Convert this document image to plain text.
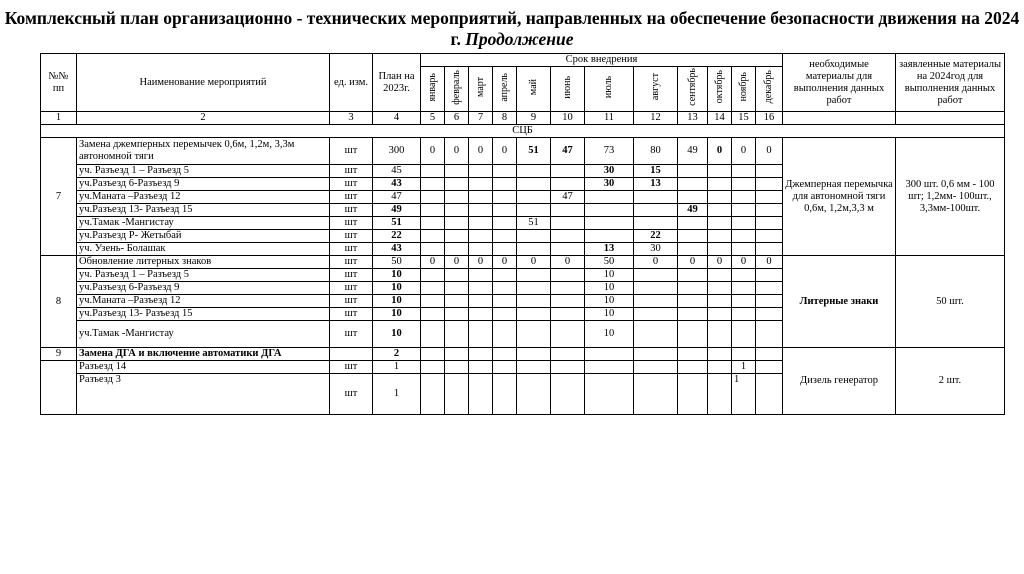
Комплексный план организационно - технических мероприятий, направленных на обеспечение безопасности движения на 2024 г. Продолжение
№№ пп	Наименование мероприятий	ед. изм.	План на 2023г.	Срок внедрения												необходимые материалы для выполнения данных работ	заявленные материалы на 2024год для выполнения данных работ
				январь	февраль	март	апрель	май	июнь	июль	август	сентябрь	октябрь	ноябрь	декабрь		
1	2	3	4	5	6	7	8	9	10	11	12	13	14	15	16		
СЦБ																	
7	Замена джемперных перемычек 0,6м, 1,2м, 3,3м автономной тяги	шт	300	0	0	0	0	51	47	73	80	49	0	0	0	Джемперная перемычка для автономной тяги 0,6м, 1,2м,3,3 м	300 шт. 0,6 мм - 100 шт; 1,2мм- 100шт., 3,3мм-100шт.
	уч. Разъезд 1 – Разъезд 5	шт	45							30	15						
	уч.Разъезд 6-Разъезд 9	шт	43							30	13						
	уч.Маната –Разъезд 12	шт	47						47								
	уч.Разъезд 13- Разъезд 15	шт	49									49					
	уч.Тамак -Мангистау	шт	51					51									
	уч.Разъезд Р- Жетыбай	шт	22								22						
	уч. Узень- Болашак	шт	43							13	30						
8	Обновление литерных знаков	шт	50	0	0	0	0	0	0	50	0	0	0	0	0	Литерные знаки	50 шт.
	уч. Разъезд 1 – Разъезд 5	шт	10							10							
	уч.Разъезд 6-Разъезд 9	шт	10							10							
	уч.Маната –Разъезд 12	шт	10							10							
	уч.Разъезд 13- Разъезд 15	шт	10							10							
	уч.Тамак -Мангистау	шт	10							10							
9	Замена ДГА и включение автоматики ДГА		2													Дизель генератор	2 шт.
	Разъезд 14	шт	1											1			
	Разъезд 3	шт	1											1			
